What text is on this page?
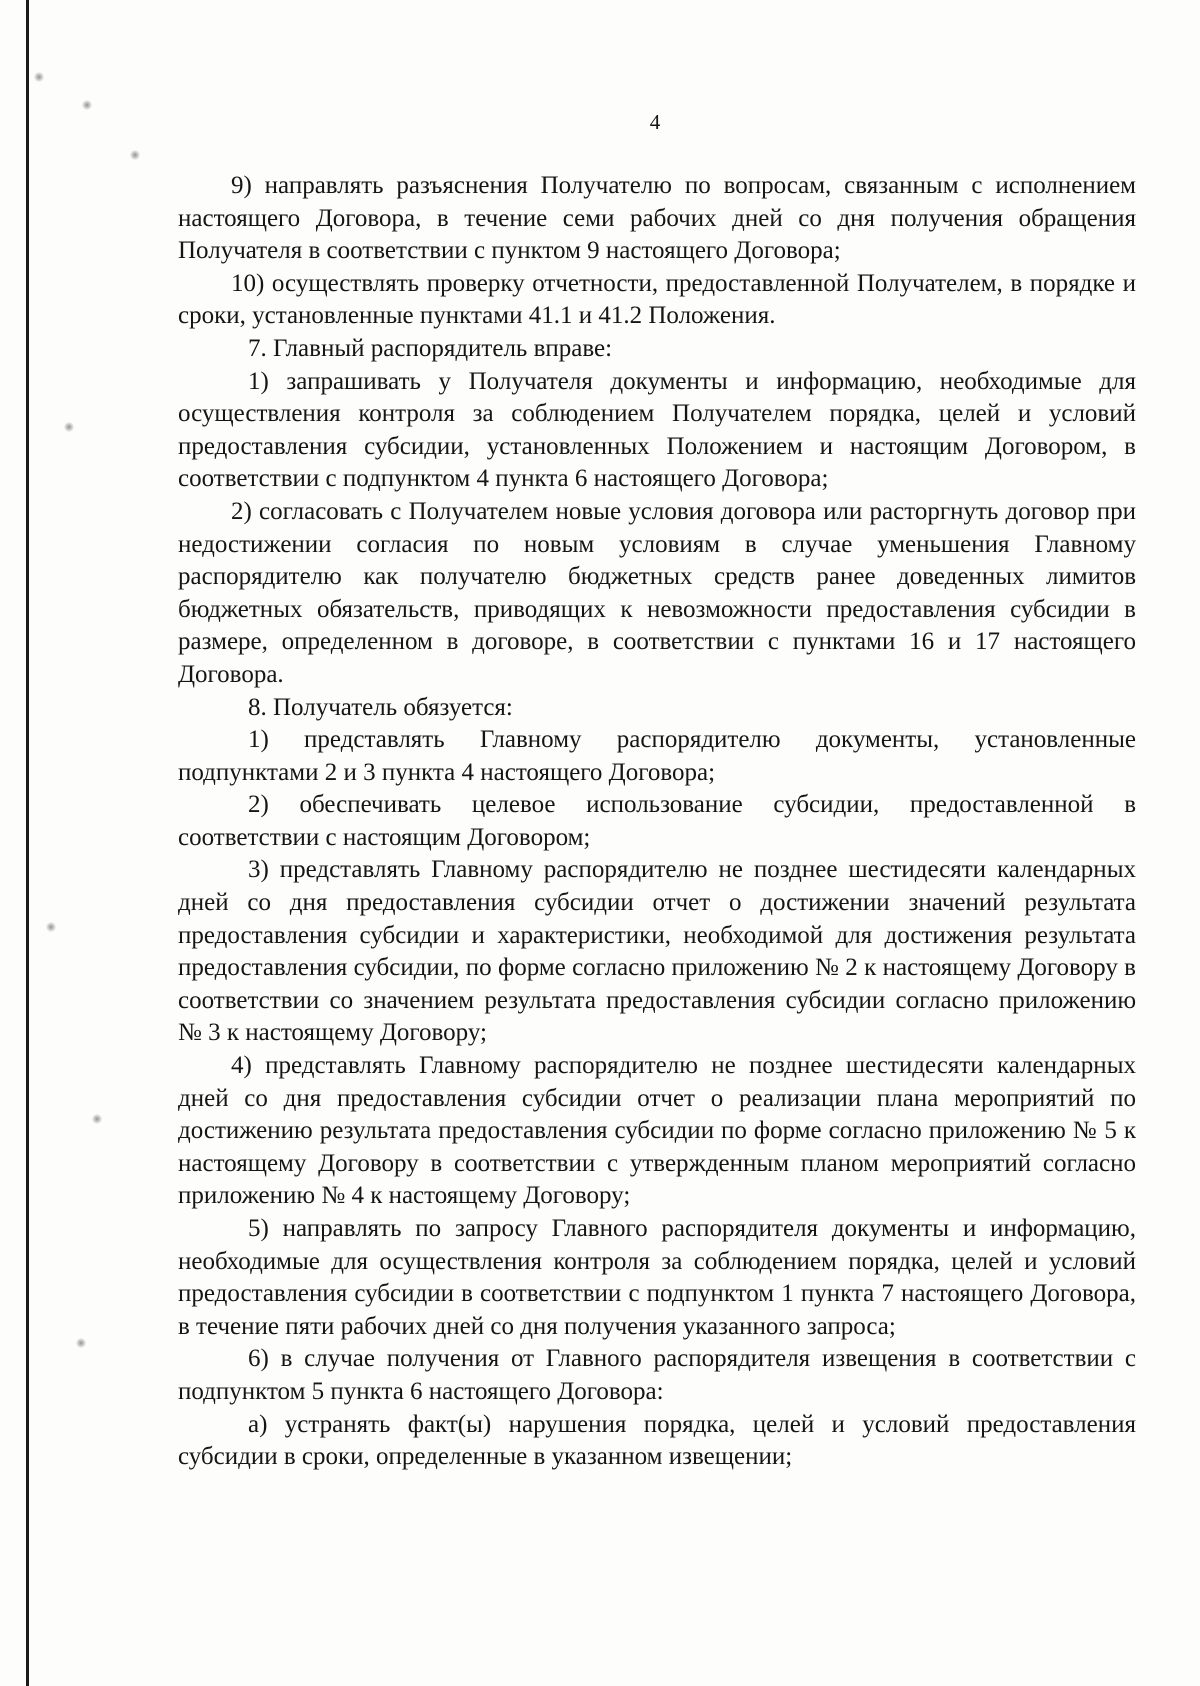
4

9) направлять разъяснения Получателю по вопросам, связанным с исполнением настоящего Договора, в течение семи рабочих дней со дня получения обращения Получателя в соответствии с пунктом 9 настоящего Договора;

10) осуществлять проверку отчетности, предоставленной Получателем, в порядке и сроки, установленные пунктами 41.1 и 41.2 Положения.

7. Главный распорядитель вправе:

1) запрашивать у Получателя документы и информацию, необходимые для осуществления контроля за соблюдением Получателем порядка, целей и условий предоставления субсидии, установленных Положением и настоящим Договором, в соответствии с подпунктом 4 пункта 6 настоящего Договора;

2) согласовать с Получателем новые условия договора или расторгнуть договор при недостижении согласия по новым условиям в случае уменьшения Главному распорядителю как получателю бюджетных средств ранее доведенных лимитов бюджетных обязательств, приводящих к невозможности предоставления субсидии в размере, определенном в договоре, в соответствии с пунктами 16 и 17 настоящего Договора.

8. Получатель обязуется:

1) представлять Главному распорядителю документы, установленные подпунктами 2 и 3 пункта 4 настоящего Договора;

2) обеспечивать целевое использование субсидии, предоставленной в соответствии с настоящим Договором;

3) представлять Главному распорядителю не позднее шестидесяти календарных дней со дня предоставления субсидии отчет о достижении значений результата предоставления субсидии и характеристики, необходимой для достижения результата предоставления субсидии, по форме согласно приложению № 2 к настоящему Договору в соответствии со значением результата предоставления субсидии согласно приложению № 3 к настоящему Договору;

4) представлять Главному распорядителю не позднее шестидесяти календарных дней со дня предоставления субсидии отчет о реализации плана мероприятий по достижению результата предоставления субсидии по форме согласно приложению № 5 к настоящему Договору в соответствии с утвержденным планом мероприятий согласно приложению № 4 к настоящему Договору;

5) направлять по запросу Главного распорядителя документы и информацию, необходимые для осуществления контроля за соблюдением порядка, целей и условий предоставления субсидии в соответствии с подпунктом 1 пункта 7 настоящего Договора, в течение пяти рабочих дней со дня получения указанного запроса;

6) в случае получения от Главного распорядителя извещения в соответствии с подпунктом 5 пункта 6 настоящего Договора:

а) устранять факт(ы) нарушения порядка, целей и условий предоставления субсидии в сроки, определенные в указанном извещении;
